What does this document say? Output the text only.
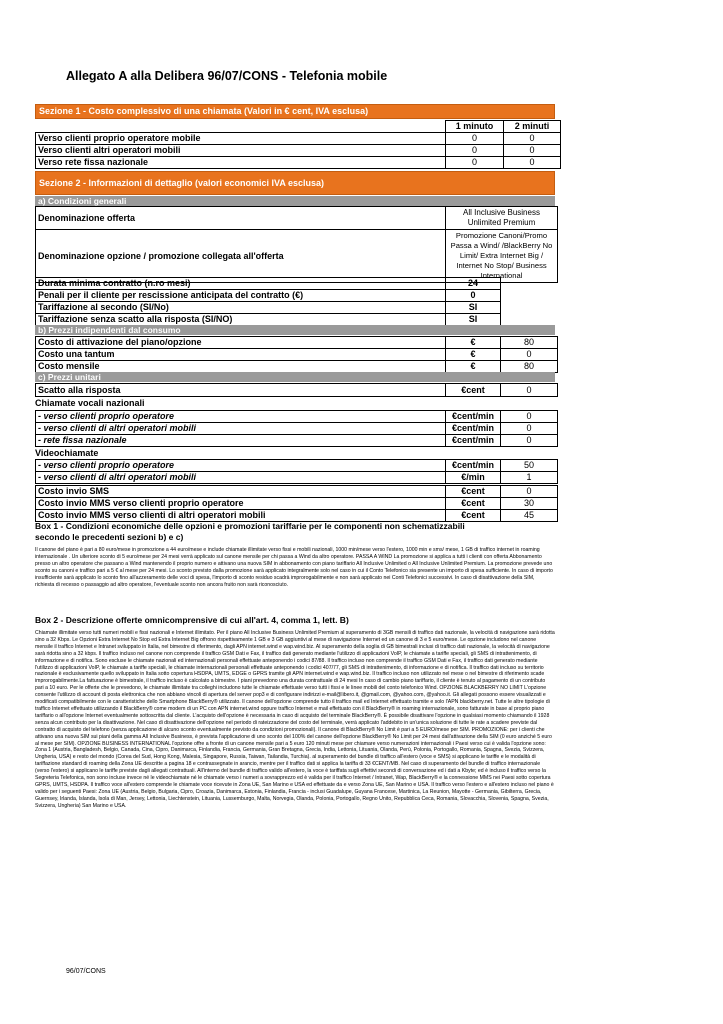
Allegato A alla Delibera 96/07/CONS - Telefonia mobile
Sezione 1 - Costo complessivo di una chiamata (Valori in € cent, IVA esclusa)
	1 minuto	2 minuti
Verso clienti proprio operatore mobile	0	0
Verso clienti altri operatori mobili	0	0
Verso rete fissa nazionale	0	0
Sezione 2 - Informazioni di dettaglio (valori economici IVA esclusa)
a) Condizioni generali
Denominazione offerta	All Inclusive Business Unlimited Premium
Denominazione opzione / promozione collegata all'offerta	Promozione Canoni/Promo Passa a Wind/ /BlackBerry No Limit/ Extra Internet Big / Internet No Stop/ Business International
Durata minima contratto (n.ro mesi)	24
Penali per il cliente per rescissione anticipata del contratto (€)	0
Tariffazione al secondo (SI/No)	SI
Tariffazione senza scatto alla risposta (SI/NO)	SI
b) Prezzi indipendenti dal consumo
Costo di attivazione del piano/opzione	€	80
Costo una tantum	€	0
Costo mensile	€	80
c) Prezzi unitari
Scatto alla risposta	€cent	0
Chiamate vocali nazionali
- verso clienti proprio operatore	€cent/min	0
- verso clienti di altri operatori mobili	€cent/min	0
- rete fissa nazionale	€cent/min	0
Videochiamate
- verso clienti proprio operatore	€cent/min	50
- verso clienti di altri operatori mobili	€/min	1
Costo invio SMS	€cent	0
Costo invio MMS verso clienti proprio operatore	€cent	30
Costo invio MMS verso clienti di altri operatori mobili	€cent	45
Box 1 - Condizioni economiche delle opzioni e promozioni tariffarie per le componenti non schematizzabili secondo le precedenti sezioni b) e c)
Il canone del piano è pari a 80 euro/mese in promozione a 44 euro/mese e include chiamate illimitate verso fissi e mobili nazionali, 1000 min/mese verso l'estero, 1000 min e sms/ mese, 1 GB di traffico internet in roaming internazionale . Un ulteriore sconto di 5 euro/mese per 24 mesi verrà applicato sul canone mensile per chi passa a Wind da altro operatore. PASSA A WIND La promozione si applica a tutti i clienti con offerta Abbonamento presso un altro operatore che passano a Wind mantenendo il proprio numero e attivano una nuova SIM in abbonamento con piano tariffario All Inclusive Unlimited o All Inclusive Unlimited Premium. La promozione prevede uno sconto su canoni e traffico pari a 5 € al mese per 24 mesi. Lo sconto previsto dalla promozione sarà applicato integralmente solo nel caso in cui il Conto Telefonico sia presente un importo di spesa sufficiente. In caso di importo insufficiente sarà applicato lo sconto fino all'azzeramento delle voci di spesa, l'importo di sconto residuo scadrà improrogabilmente e non sarà applicato nei Conti Telefonici successivi. In caso di disattivazione della SIM, richiesta di recesso o passaggio ad altro operatore, l'eventuale sconto non ancora fruito non sarà riconosciuto.
Box 2 - Descrizione offerte omnicomprensive di cui all'art. 4, comma 1, lett. B)
Chiamate illimitate verso tutti numeri mobili e fissi nazionali e Internet illimitato. Per il piano All Inclusive Business Unlimited Premium al superamento di 3GB mensili di traffico dati nazionale, la velocità di navigazione sarà ridotta sino a 32 Kbps. Le Opzioni Extra Internet No Stop ed Extra Internet Big offrono rispettivamente 1 GB e 3 GB aggiuntivi al mese di navigazione Internet ed un canone di 3 e 5 euro/mese. Le opzione includono nel canone mensile il traffico Internet e Intranet sviluppato in Italia, nel bimestre di riferimento, dagli APN internet.wind e wap.wind.biz. Al superamento della soglia di GB bimestrali inclusi di traffico dati nazionale, la velocità di navigazione sarà ridotta sino a 32 kbps. Il traffico incluso nel canone non comprende il traffico GSM Dati e Fax, il traffico dati generato mediante l'utilizzo di applicazioni VoIP, le chiamate a tariffe speciali, gli SMS di intrattenimento, di informazione e di notifica. Sono escluse le chiamate nazionali ed internazionali personali effettuate anteponendo i codici 87/88. Il traffico incluso non comprende il traffico GSM Dati e Fax, il traffico dati generato mediante l'utilizzo di applicazioni VoIP, le chiamate a tariffe speciali, le chiamate internazionali personali effettuate anteponendo i codici 407/77, gli SMS di intrattenimento, di informazione e di notifica. Il traffico dati incluso su territorio nazionale è esclusivamente quello sviluppato in Italia sotto copertura HSDPA, UMTS, EDGE o GPRS tramite gli APN internet.wind e wap.wind.biz. Il traffico incluso non utilizzato nel mese o nel bimestre di riferimento scade improrogabilmente.La fatturazione è bimestrale, il traffico incluso è calcolato a bimestre. I piani prevedono una durata contrattuale di 24 mesi In caso di cambio piano tariffario, il cliente è tenuto al pagamento di un contributo pari a 10 euro. Per le offerte che le prevedono, le chiamate illimitate tra colleghi includono tutte le chiamate effettuate verso tutti i fissi e le linee mobili del conto telefonico Wind. OPZIONE BLACKBERRY NO LIMIT L'opzione consente l'utilizzo di account di posta elettronica che non abbiano vincoli di apertura del server pop3 e di configurare indirizzi e-mail@libero.it, @gmail.com, @yahoo.com, @yahoo.it. Gli allegati possono essere visualizzati e modificati compatibilmente con le caratteristiche dello Smartphone BlackBerry® utilizzato. Il canone dell'opzione comprende tutto il traffico mail ed Internet effettuato tramite e solo l'APN blackberry.net. Tutte le altre tipologie di traffico Internet effettuato utilizzando il BlackBerry® come modem di un PC con APN internet.wind oppure traffico Internet e mail effettuato con il BlackBerry® in roaming internazionale, sono fatturate in base al proprio piano tariffario o all'opzione Internet eventualmente sottoscritta dal cliente. L'acquisto dell'opzione è necessaria in caso di acquisto del terminale BlackBerry®. È possibile disattivare l'opzione in qualsiasi momento chiamando il 1928 senza alcun contributo per la disattivazione. Nel caso di disattivazione dell'opzione nel periodo di rateizzazione del costo del terminale, verrà applicato l'addebito in un'unica soluzione di tutte le rate a scadere previste dal contratto di acquisto del telefono (senza applicazione di alcuno sconto eventualmente previsto da condizioni promozionali). Il canone di BlackBerry® No Limit è pari a 5 EURO/mese per SIM. PROMOZIONE: per i clienti che attivano una nuova SIM sui piani della gamma All Inclusive Business, è prevista l'applicazione di uno sconto del 100% del canone dell'opzione BlackBerry® No Limit per 24 mesi dall'attivazione della SIM (0 euro anziché 5 euro al mese per SIM). OPZIONE BUSINESS INTERNATIONAL l'opzione offre a fronte di un canone mensile pari a 5 euro 120 minuti mese per chiamare verso numerazioni internazionali i Paesi verso cui è valida l'opzione sono: Zona 1 (Austria, Bangladesh, Belgio, Canada, Cina, Cipro, Danimarca, Finlandia, Francia, Germania, Gran Bretagna, Grecia, India, Lettonia, Lituania, Olanda, Perù, Polonia, Portogallo, Romania, Spagna, Svezia, Svizzera, Ungheria, USA) e resto del mondo (Corea del Sud, Hong Kong, Malesia, Singapore, Russia, Taiwan, Tailandia, Turchia). al superamento del bundle di traffico all'estero (voce e SMS) si applicano le tariffe e le modalità di tariffazione standard di roaming della Zona UE descritte a pagina 18 e contrassegnate in arancio, mentre per il traffico dati si applica la tariffa di 33 €CENT/MB. Nel caso di superamento del bundle di traffico internazionale (verso l'estero) si applicano le tariffe previste dagli allegati contrattuali. All'interno del bundle di traffico valido all'estero, la voce è tariffata sugli effettivi secondi di conversazione ed i dati a Kbyte; ed è incluso il traffico verso la Segreteria Telefonica, non sono incluse invece né le videochiamate né le chiamate verso i numeri a sovrapprezzo ed è valida per il traffico Internet / Intranet, Wap, BlackBerry® e la connessione MMS nei Paesi sotto copertura GPRS, UMTS, HSDPA. Il traffico voce all'estero comprende le chiamate voce ricevute in Zona UE, San Marino e USA ed effettuate da e verso Zona UE, San Marino e USA. Il traffico verso l'estero e all'estero incluso nel piano è valido per i seguenti Paesi: Zona UE (Austria, Belgio, Bulgaria, Cipro, Croazia, Danimarca, Estonia, Finlandia, Francia - inclusi Guadalupe, Guyana Francese, Martinica, La Reunion, Mayotte - Germania, Gibilterra, Grecia, Guernsey, Irlanda, Islanda, Isola di Man, Jersey, Lettonia, Liechtenstein, Lituania, Lussemburgo, Malta, Norvegia, Olanda, Polonia, Portogallo, Regno Unito, Repubblica Ceca, Romania, Slovacchia, Slovenia, Spagna, Svezia, Svizzera, Ungheria) San Marino e USA.
96/07/CONS
